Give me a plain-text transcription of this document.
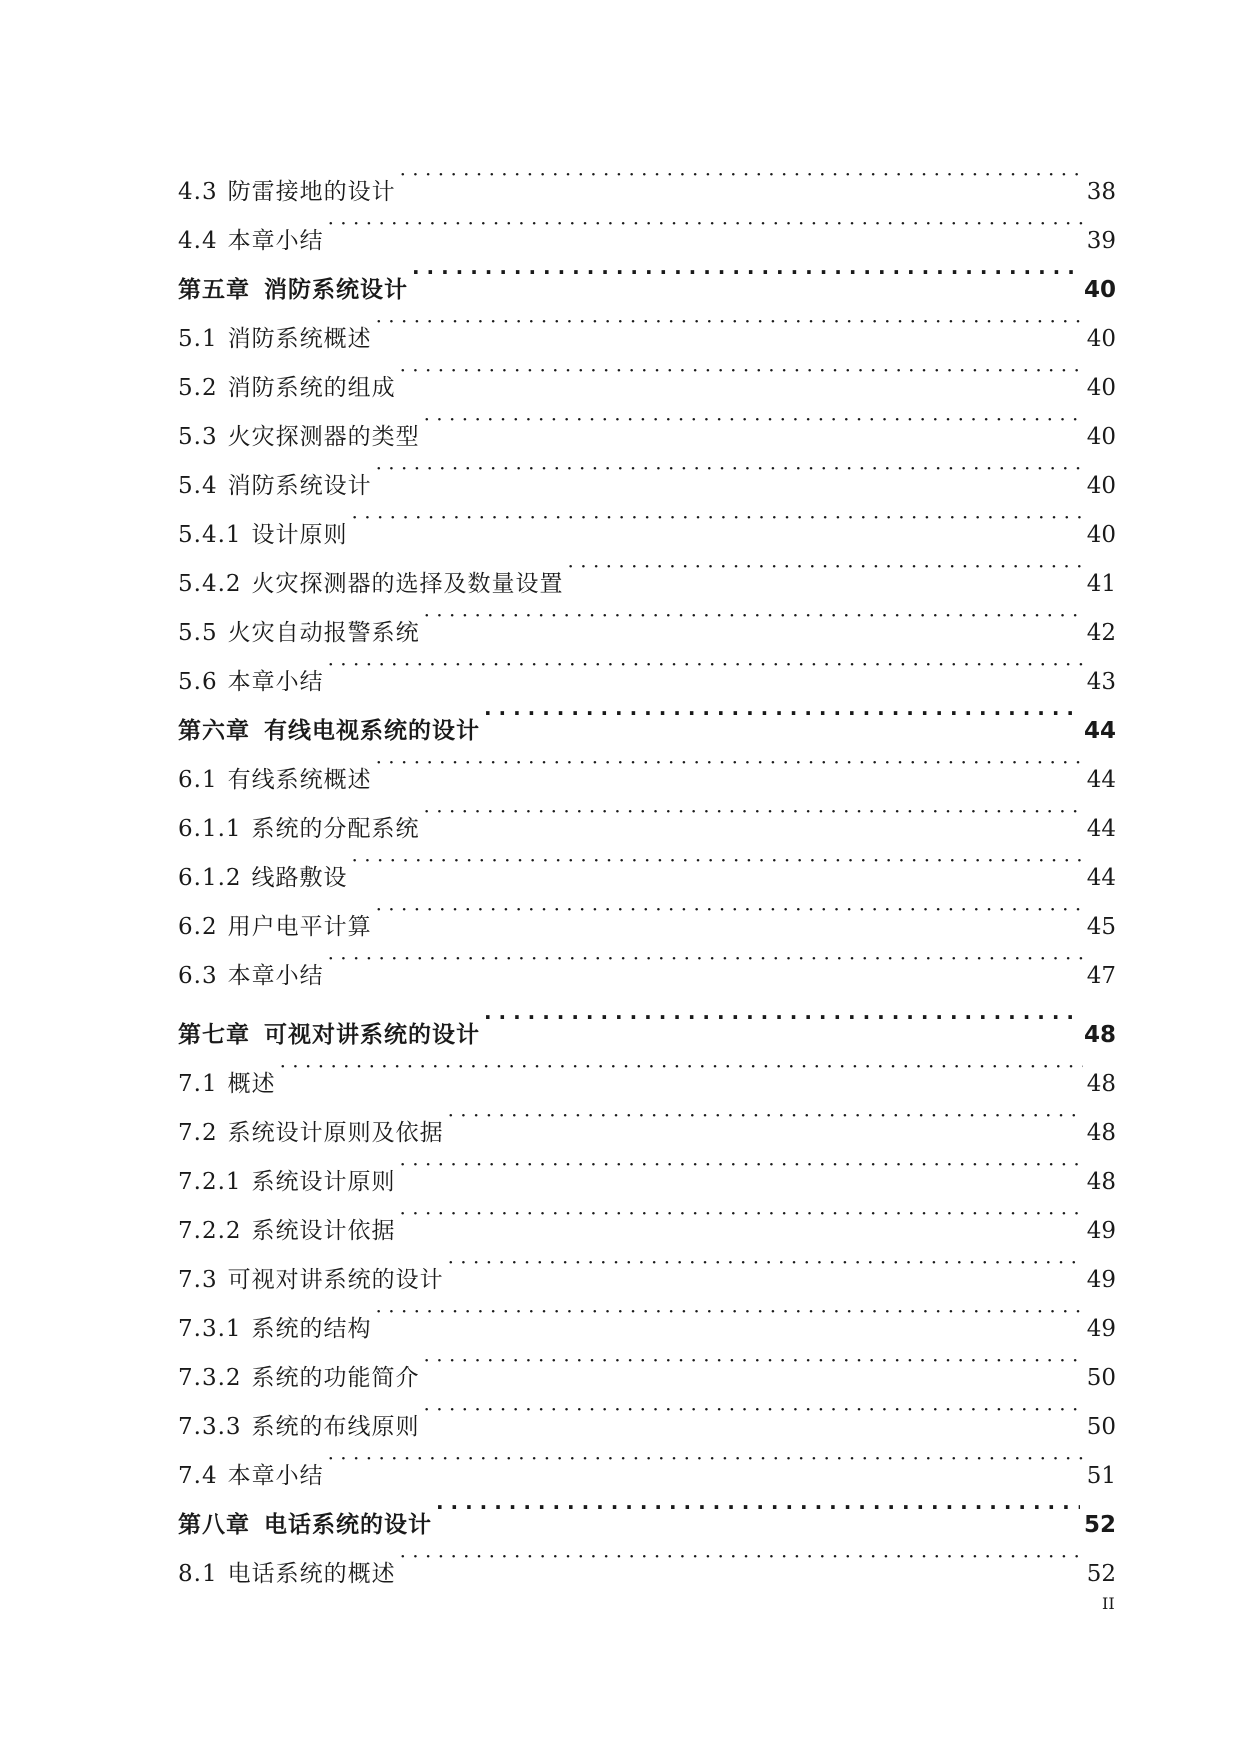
4.3 防雷接地的设计 · · ·	38
4.4 本章小结 · · ·	39
第五章 消防系统设计 · · ·	40
5.1 消防系统概述 · · ·	40
5.2 消防系统的组成 · · ·	40
5.3 火灾探测器的类型 · · ·	40
5.4 消防系统设计 · · ·	40
5.4.1 设计原则 · · ·	40
5.4.2 火灾探测器的选择及数量设置 · · ·	41
5.5 火灾自动报警系统 · · ·	42
5.6 本章小结 · · ·	43
第六章 有线电视系统的设计 · · ·	44
6.1 有线系统概述 · · ·	44
6.1.1 系统的分配系统 · · ·	44
6.1.2 线路敷设 · · ·	44
6.2 用户电平计算 · · ·	45
6.3 本章小结 · · ·	47
第七章 可视对讲系统的设计 · · ·	48
7.1 概述 · · ·	48
7.2 系统设计原则及依据 · · ·	48
7.2.1 系统设计原则 · · ·	48
7.2.2 系统设计依据 · · ·	49
7.3 可视对讲系统的设计 · · ·	49
7.3.1 系统的结构 · · ·	49
7.3.2 系统的功能简介 · · ·	50
7.3.3 系统的布线原则 · · ·	50
7.4 本章小结 · · ·	51
第八章 电话系统的设计 · · ·	52
8.1 电话系统的概述 · · ·	52
II
